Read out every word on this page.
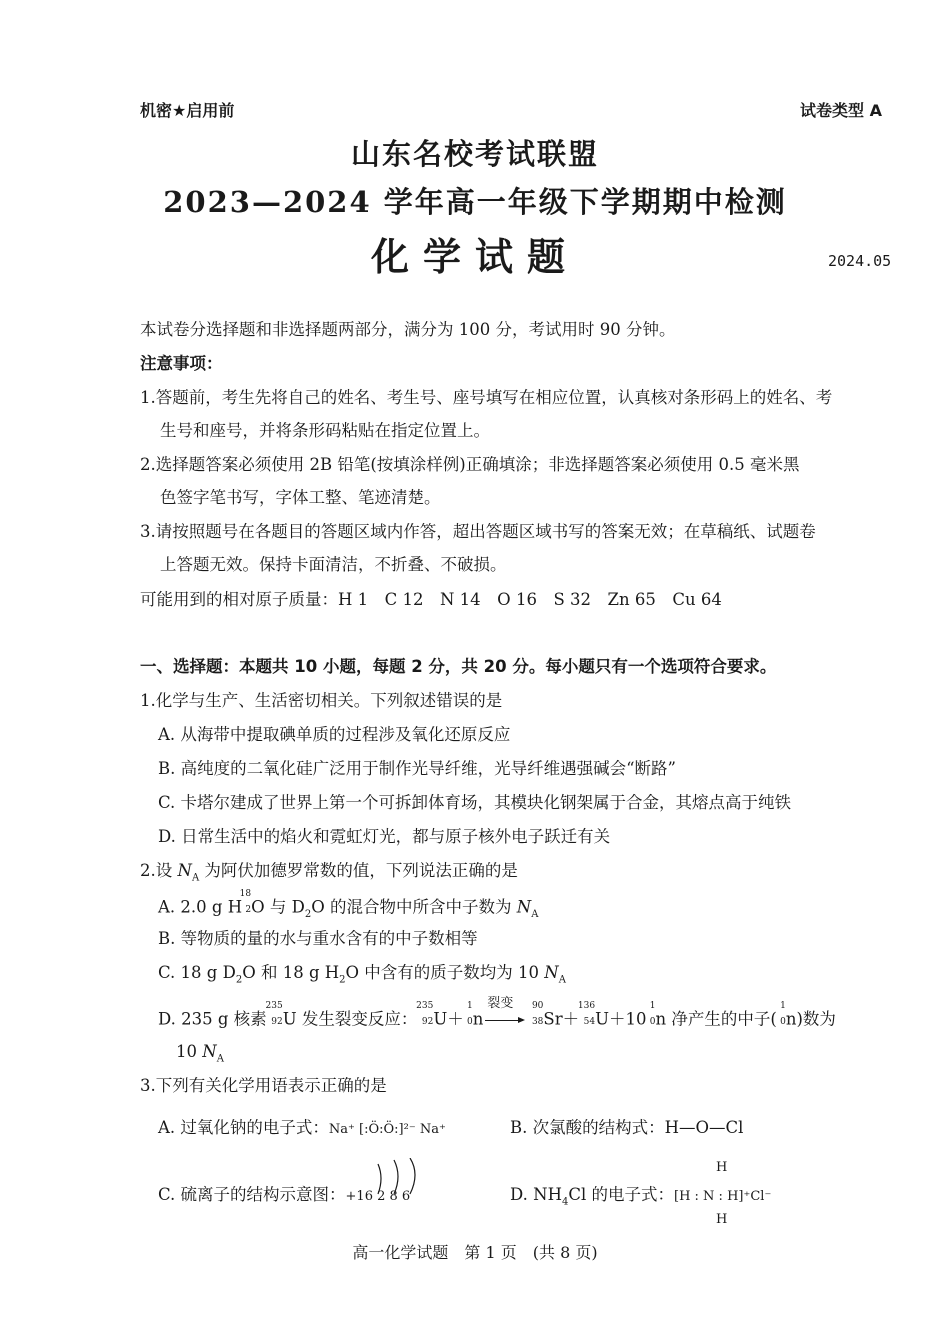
机密★启用前	试卷类型 A
山东名校考试联盟
2023—2024 学年高一年级下学期期中检测
化学试题	2024.05
本试卷分选择题和非选择题两部分，满分为 100 分，考试用时 90 分钟。
注意事项：
1.答题前，考生先将自己的姓名、考生号、座号填写在相应位置，认真核对条形码上的姓名、考
生号和座号，并将条形码粘贴在指定位置上。
2.选择题答案必须使用 2B 铅笔(按填涂样例)正确填涂；非选择题答案必须使用 0.5 毫米黑
色签字笔书写，字体工整、笔迹清楚。
3.请按照题号在各题目的答题区域内作答，超出答题区域书写的答案无效；在草稿纸、试题卷
上答题无效。保持卡面清洁，不折叠、不破损。
可能用到的相对原子质量：H 1　C 12　N 14　O 16　S 32　Zn 65　Cu 64
一、选择题：本题共 10 小题，每题 2 分，共 20 分。每小题只有一个选项符合要求。
1.化学与生产、生活密切相关。下列叙述错误的是
A. 从海带中提取碘单质的过程涉及氧化还原反应
B. 高纯度的二氧化硅广泛用于制作光导纤维，光导纤维遇强碱会“断路”
C. 卡塔尔建成了世界上第一个可拆卸体育场，其模块化钢架属于合金，其熔点高于纯铁
D. 日常生活中的焰火和霓虹灯光，都与原子核外电子跃迁有关
2.设 $N_A$ 为阿伏加德罗常数的值，下列说法正确的是
A. 2.0 g H
18
2 O 与 $D_2O$ 的混合物中所含中子数为 $N_A$
B. 等物质的量的水与重水含有的中子数相等
C. 18 g $D_2O$ 和 18 g $H_2O$ 中含有的质子数均为 10 $N_A$
D. 235 g 核素
235
92 U 发生裂变反应：
235
92 U＋
1
0 n
裂变 90
38 Sr＋
136
54 U＋10
1
0 n 净产生的中子(
1
0 n)数为
10 $N_A$
3.下列有关化学用语表示正确的是
A. 过氧化钠的电子式：Na⁺ [:Ö:Ö:]²⁻ Na⁺	B. 次氯酸的结构式：H—O—Cl
C. 硫离子的结构示意图：+16 2 8 6
H
D. $NH_4Cl$ 的电子式：[H : N : H]⁺Cl⁻
H
高一化学试题　第 1 页　(共 8 页)
